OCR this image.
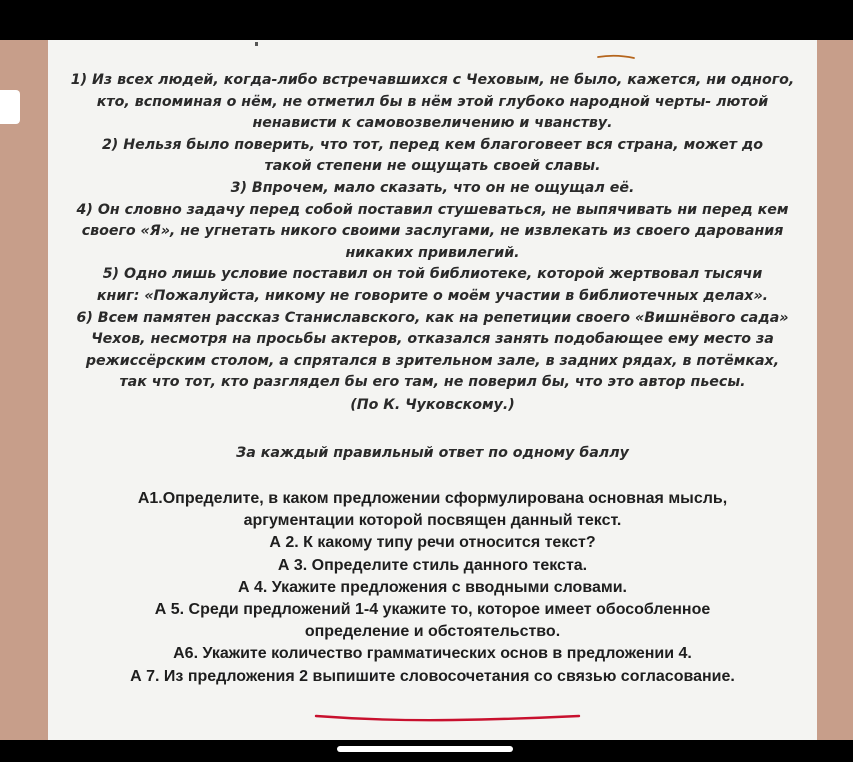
1) Из всех людей, когда-либо встречавшихся с Чеховым, не было, кажется, ни одного,

кто, вспоминая о нём, не отметил бы в нём этой глубоко народной черты- лютой

ненависти к самовозвеличению и чванству.

2) Нельзя было поверить, что тот, перед кем благоговеет вся страна, может до

такой степени не ощущать своей славы.

3) Впрочем, мало сказать, что он не ощущал её.

4) Он словно задачу перед собой поставил стушеваться, не выпячивать ни перед кем

своего «Я», не угнетать никого своими заслугами, не извлекать из своего дарования

никаких привилегий.

5) Одно лишь условие поставил он той библиотеке, которой жертвовал тысячи

книг: «Пожалуйста, никому не говорите о моём участии в библиотечных делах».

6) Всем памятен рассказ Станиславского, как на репетиции своего «Вишнёвого сада»

Чехов, несмотря на просьбы актеров, отказался занять подобающее ему место за

режиссёрским столом, а спрятался в зрительном зале, в задних рядах, в потёмках,

так что тот, кто разглядел бы его там, не поверил бы, что это автор пьесы.

(По К. Чуковскому.)

За каждый правильный ответ по одному баллу

А1.Определите, в каком предложении сформулирована основная мысль,

аргументации которой посвящен данный текст.

А 2. К какому типу речи относится текст?

А 3. Определите стиль данного текста.

А 4. Укажите предложения с вводными словами.

А 5. Среди предложений 1-4 укажите то, которое имеет обособленное

определение и обстоятельство.

А6. Укажите количество грамматических основ в предложении 4.

А 7. Из предложения 2 выпишите словосочетания со связью согласование.
